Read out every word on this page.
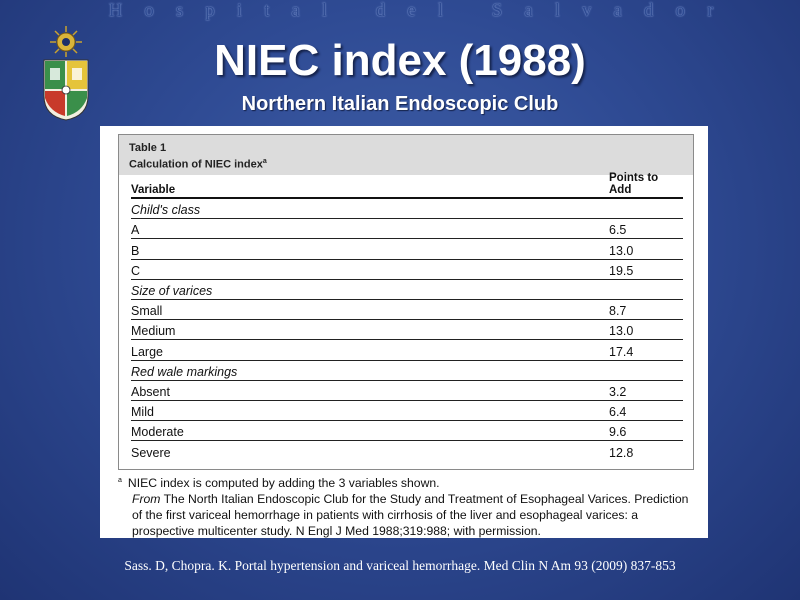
Hospital del Salvador
NIEC index (1988)
Northern Italian Endoscopic Club
Table 1
Calculation of NIEC index$^a$
Variable
Points to Add
Child's class
A	6.5
B	13.0
C	19.5
Size of varices
Small	8.7
Medium	13.0
Large	17.4
Red wale markings
Absent	3.2
Mild	6.4
Moderate	9.6
Severe	12.8
$^a$ NIEC index is computed by adding the 3 variables shown.
From The North Italian Endoscopic Club for the Study and Treatment of Esophageal Varices. Prediction of the first variceal hemorrhage in patients with cirrhosis of the liver and esophageal varices: a prospective multicenter study. N Engl J Med 1988;319:988; with permission.
Sass. D, Chopra. K. Portal hypertension and variceal hemorrhage. Med Clin N Am 93 (2009) 837-853
